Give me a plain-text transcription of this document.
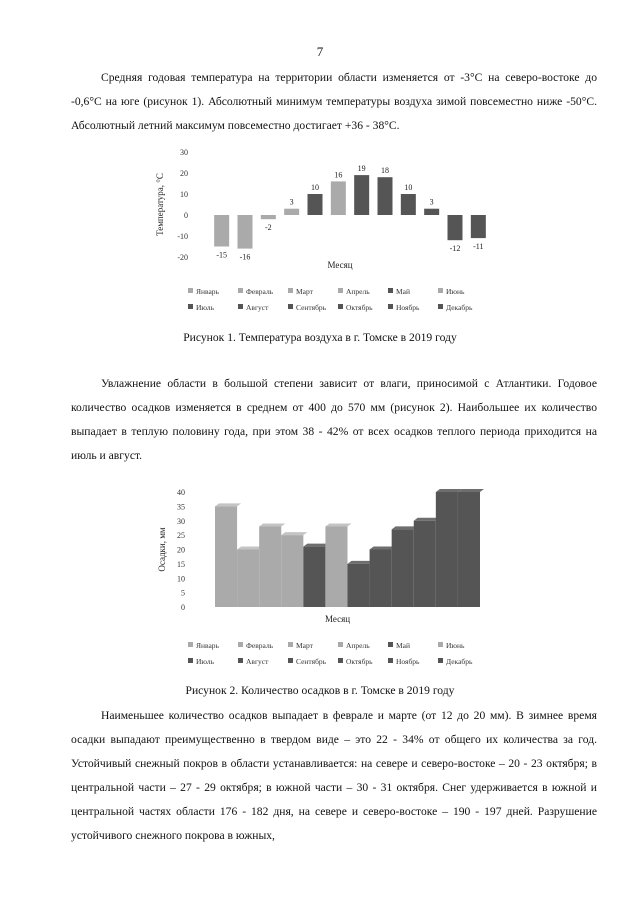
7

Средняя годовая температура на территории области изменяется от -3°С на северо-востоке до -0,6°С на юге (рисунок 1). Абсолютный минимум температуры воздуха зимой повсеместно ниже -50°С. Абсолютный летний максимум повсеместно достигает +36 - 38°С.

30
20
10
0
-10
-20	-15 -16
-2
3
10
16
19 18
10
3
-12 -11
Месяц
Температура, °С
Январь	Февраль	Март	Апрель	Май	Июнь
Июль	Август	Сентябрь	Октябрь	Ноябрь	Декабрь
Рисунок 1. Температура воздуха в г. Томске в 2019 году

Увлажнение области в большой степени зависит от влаги, приносимой с Атлантики. Годовое количество осадков изменяется в среднем от 400 до 570 мм (рисунок 2). Наибольшее их количество выпадает в теплую половину года, при этом 38 - 42% от всех осадков теплого периода приходится на июль и август.

40
35
30
25
20
15
10
5
0
Месяц
Осадки, мм
Январь	Февраль	Март	Апрель	Май	Июнь
Июль	Август	Сентябрь	Октябрь	Ноябрь	Декабрь
Рисунок 2. Количество осадков в г. Томске в 2019 году

Наименьшее количество осадков выпадает в феврале и марте (от 12 до 20 мм). В зимнее время осадки выпадают преимущественно в твердом виде – это 22 - 34% от общего их количества за год. Устойчивый снежный покров в области устанавливается: на севере и северо-востоке – 20 - 23 октября; в центральной части – 27 - 29 октября; в южной части – 30 - 31 октября. Снег удерживается в южной и центральной частях области 176 - 182 дня, на севере и северо-востоке – 190 - 197 дней. Разрушение устойчивого снежного покрова в южных,
